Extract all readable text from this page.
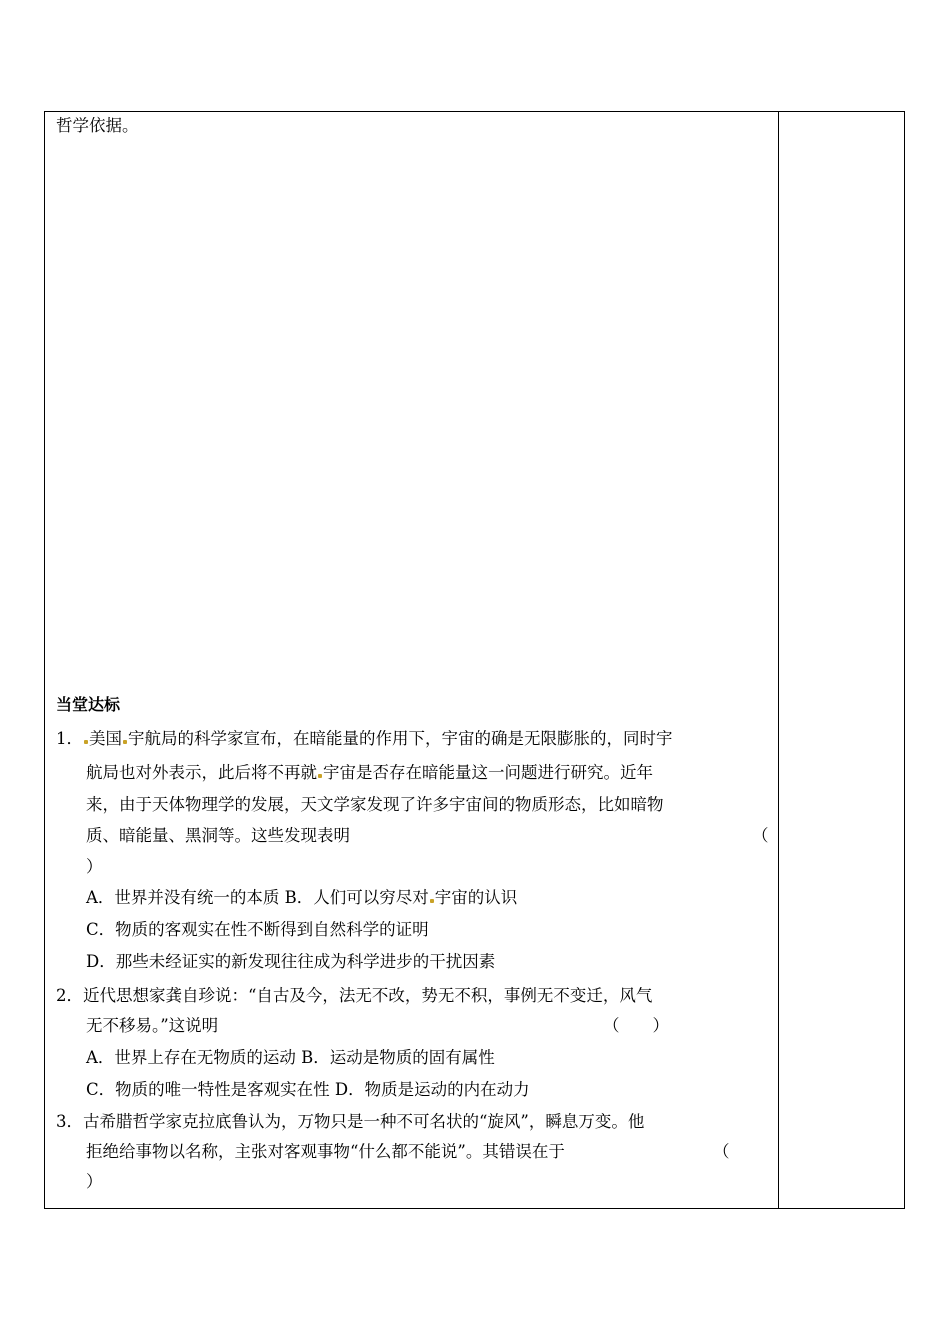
哲学依据。
当堂达标
1． 美国 宇航局的科学家宣布，在暗能量的作用下，宇宙的确是无限膨胀的，同时宇
航局也对外表示，此后将不再就 宇宙是否存在暗能量这一问题进行研究。近年
来，由于天体物理学的发展，天文学家发现了许多宇宙间的物质形态，比如暗物
质、暗能量、黑洞等。这些发现表明	（
）
A．世界并没有统一的本质 B．人们可以穷尽对 宇宙的认识
C．物质的客观实在性不断得到自然科学的证明
D．那些未经证实的新发现往往成为科学进步的干扰因素
2．近代思想家龚自珍说：“自古及今，法无不改，势无不积，事例无不变迁，风气
无不移易。”这说明	（　　）
A．世界上存在无物质的运动 B．运动是物质的固有属性
C．物质的唯一特性是客观实在性 D．物质是运动的内在动力
3．古希腊哲学家克拉底鲁认为，万物只是一种不可名状的“旋风”，瞬息万变。他
拒绝给事物以名称，主张对客观事物“什么都不能说”。其错误在于	（
）
